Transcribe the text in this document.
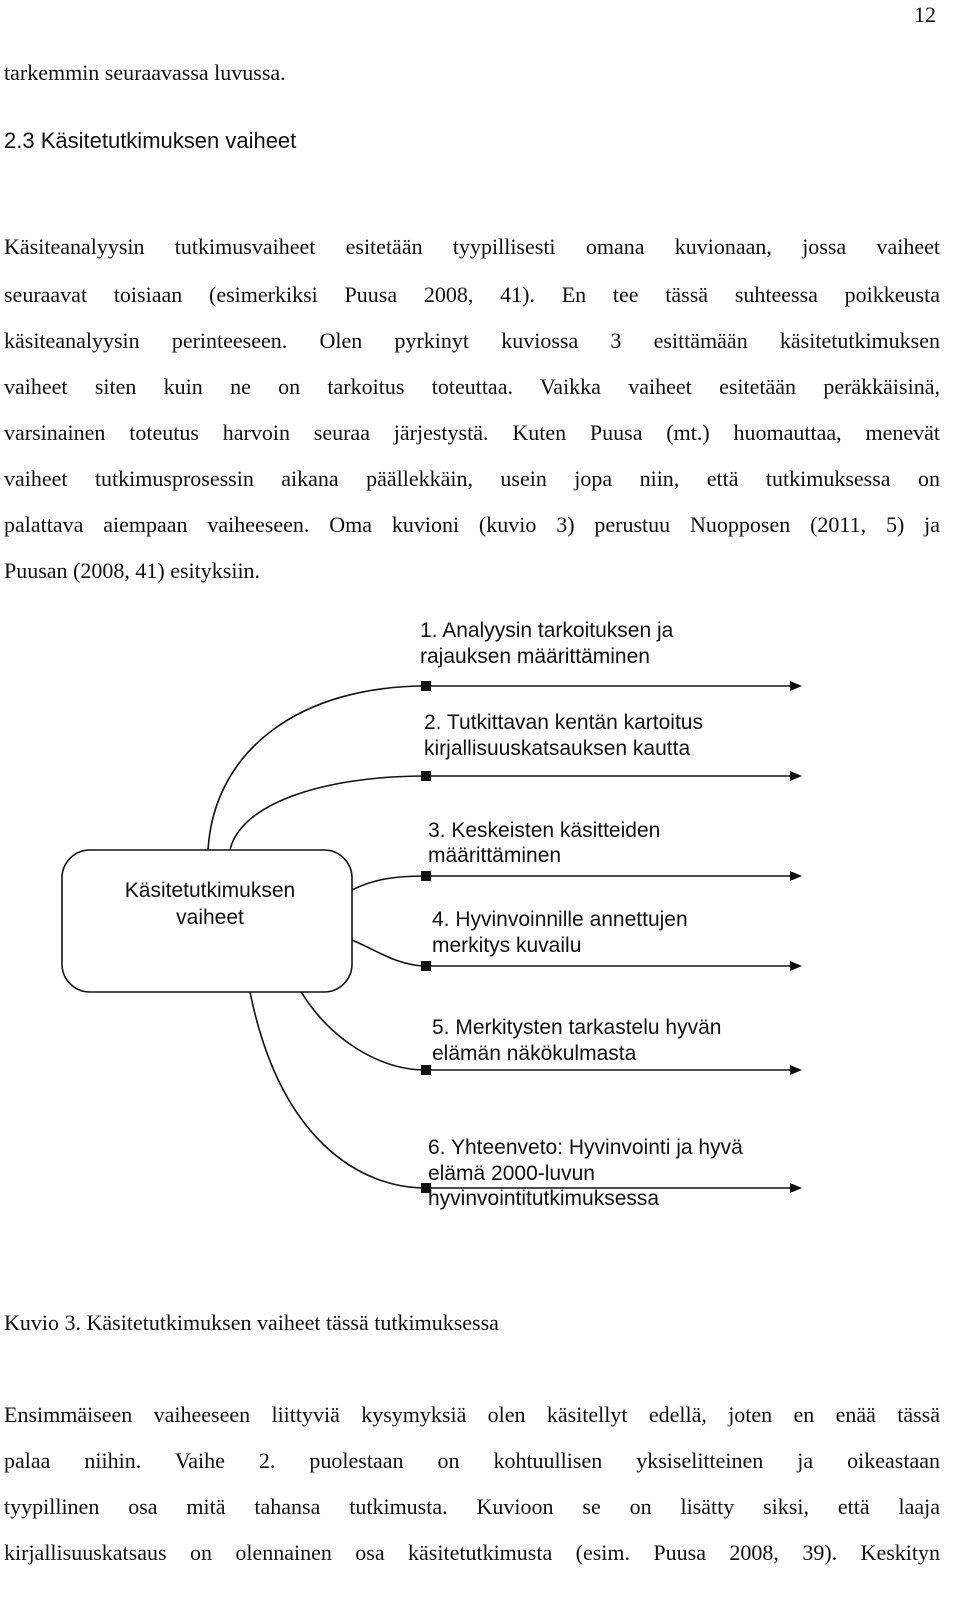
12
tarkemmin seuraavassa luvussa.
2.3 Käsitetutkimuksen vaiheet
Käsiteanalyysin tutkimusvaiheet esitetään tyypillisesti omana kuvionaan, jossa vaiheet
seuraavat toisiaan (esimerkiksi Puusa 2008, 41). En tee tässä suhteessa poikkeusta
käsiteanalyysin perinteeseen. Olen pyrkinyt kuviossa 3 esittämään käsitetutkimuksen
vaiheet siten kuin ne on tarkoitus toteuttaa. Vaikka vaiheet esitetään peräkkäisinä,
varsinainen toteutus harvoin seuraa järjestystä. Kuten Puusa (mt.) huomauttaa, menevät
vaiheet tutkimusprosessin aikana päällekkäin, usein jopa niin, että tutkimuksessa on
palattava aiempaan vaiheeseen. Oma kuvioni (kuvio 3) perustuu Nuopposen (2011, 5) ja
Puusan (2008, 41) esityksiin.
Käsitetutkimuksen
vaiheet
1. Analyysin tarkoituksen ja
rajauksen määrittäminen
2. Tutkittavan kentän kartoitus
kirjallisuuskatsauksen kautta
3. Keskeisten käsitteiden
määrittäminen
4. Hyvinvoinnille annettujen
merkitys kuvailu
5. Merkitysten tarkastelu hyvän
elämän näkökulmasta
6. Yhteenveto: Hyvinvointi ja hyvä
elämä 2000-luvun
hyvinvointitutkimuksessa
Kuvio 3. Käsitetutkimuksen vaiheet tässä tutkimuksessa
Ensimmäiseen vaiheeseen liittyviä kysymyksiä olen käsitellyt edellä, joten en enää tässä
palaa niihin. Vaihe 2. puolestaan on kohtuullisen yksiselitteinen ja oikeastaan
tyypillinen osa mitä tahansa tutkimusta. Kuvioon se on lisätty siksi, että laaja
kirjallisuuskatsaus on olennainen osa käsitetutkimusta (esim. Puusa 2008, 39). Keskityn
